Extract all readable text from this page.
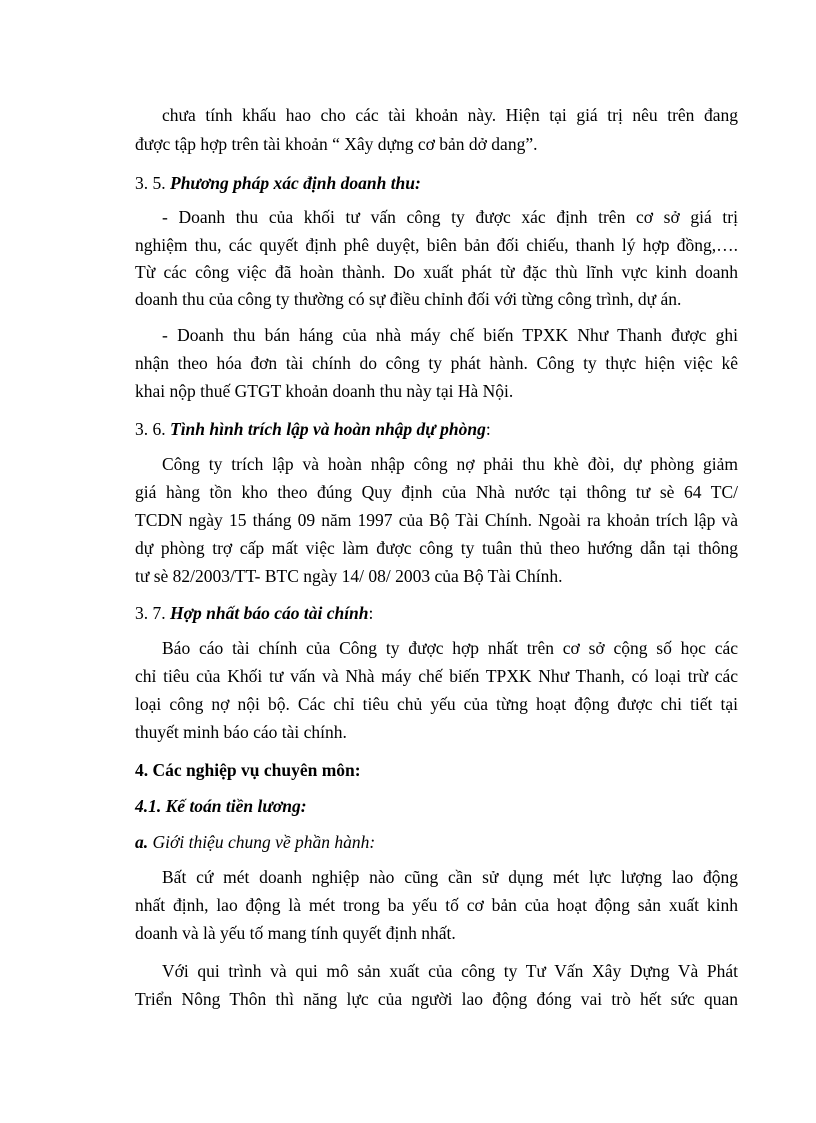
chưa tính khấu hao cho các tài khoản này. Hiện tại giá trị nêu trên đang
được tập hợp trên tài khoản “ Xây dựng cơ bản dở dang”.
3. 5. Phương pháp xác định doanh thu:
- Doanh thu của khối tư vấn công ty được xác định trên cơ sở giá trị
nghiệm thu, các quyết định phê duyệt, biên bản đối chiếu, thanh lý hợp đồng,….
Từ các công việc đã hoàn thành. Do xuất phát từ đặc thù lĩnh vực kinh doanh
doanh thu của công ty thường có sự điều chỉnh đối với từng công trình, dự án.
- Doanh thu bán háng của nhà máy chế biến TPXK Như Thanh được ghi
nhận theo hóa đơn tài chính do công ty phát hành. Công ty thực hiện việc kê
khai nộp thuế GTGT khoản doanh thu này tại Hà Nội.
3. 6. Tình hình trích lập và hoàn nhập dự phòng:
Công ty trích lập và hoàn nhập công nợ phải thu khè đòi, dự phòng giảm
giá hàng tồn kho theo đúng Quy định của Nhà nước tại thông tư sè 64 TC/
TCDN ngày 15 tháng 09 năm 1997 của Bộ Tài Chính. Ngoài ra khoản trích lập và
dự phòng trợ cấp mất việc làm được công ty tuân thủ theo hướng dẫn tại thông
tư sè 82/2003/TT- BTC ngày 14/ 08/ 2003 của Bộ Tài Chính.
3. 7. Hợp nhất báo cáo tài chính:
Báo cáo tài chính của Công ty được hợp nhất trên cơ sở cộng số học các
chỉ tiêu của Khối tư vấn và Nhà máy chế biến TPXK Như Thanh, có loại trừ các
loại công nợ nội bộ. Các chỉ tiêu chủ yếu của từng hoạt động được chi tiết tại
thuyết minh báo cáo tài chính.
4. Các nghiệp vụ chuyên môn:
4.1. Kế toán tiền lương:
a. Giới thiệu chung về phần hành:
Bất cứ mét doanh nghiệp nào cũng cần sử dụng mét lực lượng lao động
nhất định, lao động là mét trong ba yếu tố cơ bản của hoạt động sản xuất kinh
doanh và là yếu tố mang tính quyết định nhất.
Với qui trình và qui mô sản xuất của công ty Tư Vấn Xây Dựng Và Phát
Triển Nông Thôn thì năng lực của người lao động đóng vai trò hết sức quan
